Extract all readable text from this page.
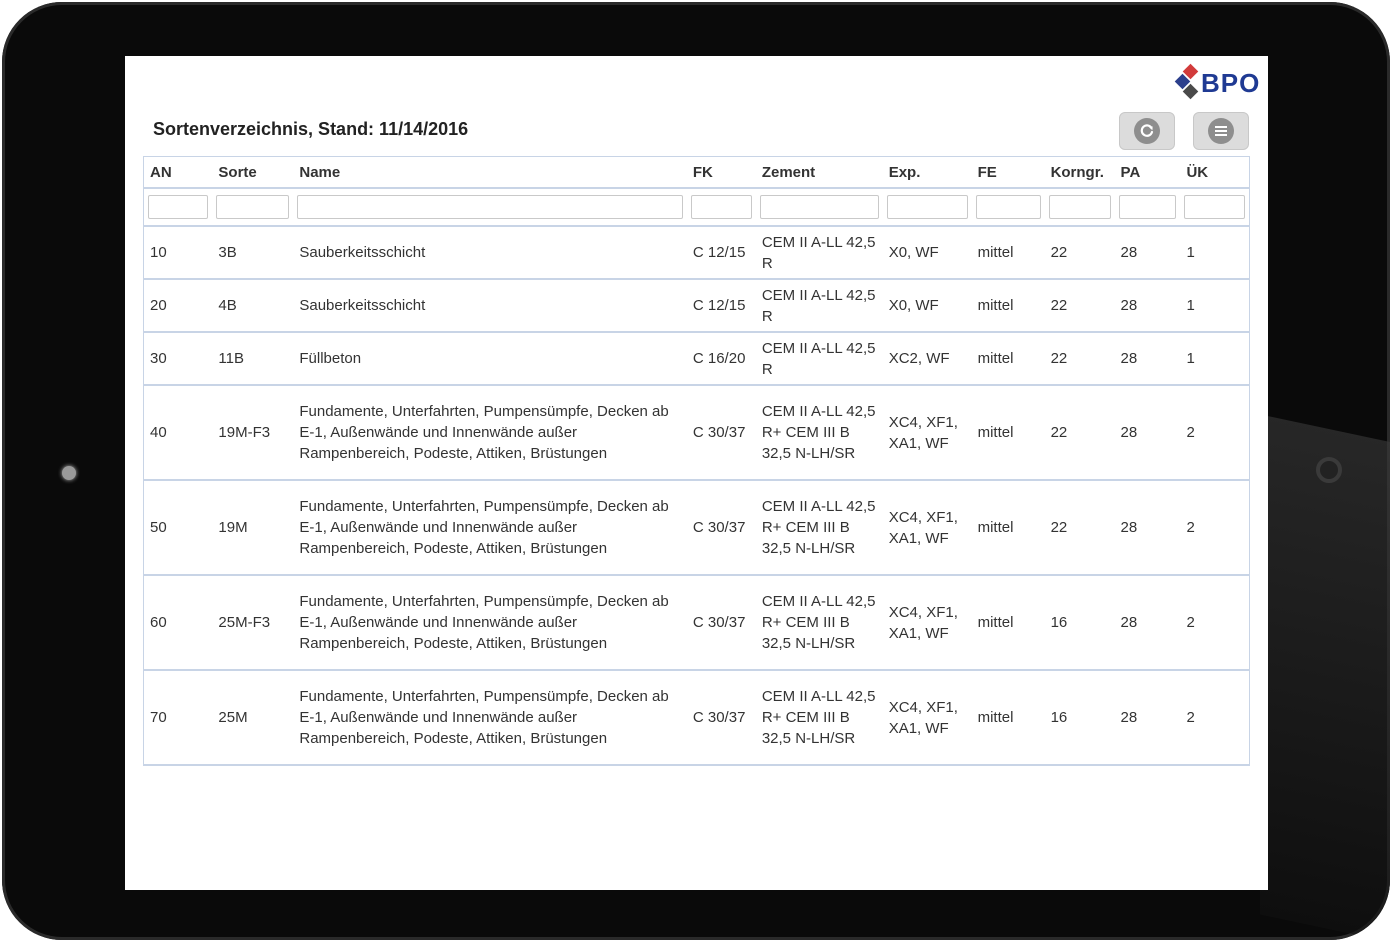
BPO
Sortenverzeichnis, Stand: 11/14/2016
AN	Sorte	Name	FK	Zement	Exp.	FE	Korngr.	PA	ÜK

10	3B	Sauberkeitsschicht	C 12/15	CEM II A-LL 42,5 R	X0, WF	mittel	22	28	1
20	4B	Sauberkeitsschicht	C 12/15	CEM II A-LL 42,5 R	X0, WF	mittel	22	28	1
30	11B	Füllbeton	C 16/20	CEM II A-LL 42,5 R	XC2, WF	mittel	22	28	1
40	19M-F3	Fundamente, Unterfahrten, Pumpensümpfe, Decken ab E-1, Außenwände und Innenwände außer Rampenbereich, Podeste, Attiken, Brüstungen	C 30/37	CEM II A-LL 42,5 R+ CEM III B 32,5 N-LH/SR	XC4, XF1, XA1, WF	mittel	22	28	2
50	19M	Fundamente, Unterfahrten, Pumpensümpfe, Decken ab E-1, Außenwände und Innenwände außer Rampenbereich, Podeste, Attiken, Brüstungen	C 30/37	CEM II A-LL 42,5 R+ CEM III B 32,5 N-LH/SR	XC4, XF1, XA1, WF	mittel	22	28	2
60	25M-F3	Fundamente, Unterfahrten, Pumpensümpfe, Decken ab E-1, Außenwände und Innenwände außer Rampenbereich, Podeste, Attiken, Brüstungen	C 30/37	CEM II A-LL 42,5 R+ CEM III B 32,5 N-LH/SR	XC4, XF1, XA1, WF	mittel	16	28	2
70	25M	Fundamente, Unterfahrten, Pumpensümpfe, Decken ab E-1, Außenwände und Innenwände außer Rampenbereich, Podeste, Attiken, Brüstungen	C 30/37	CEM II A-LL 42,5 R+ CEM III B 32,5 N-LH/SR	XC4, XF1, XA1, WF	mittel	16	28	2
